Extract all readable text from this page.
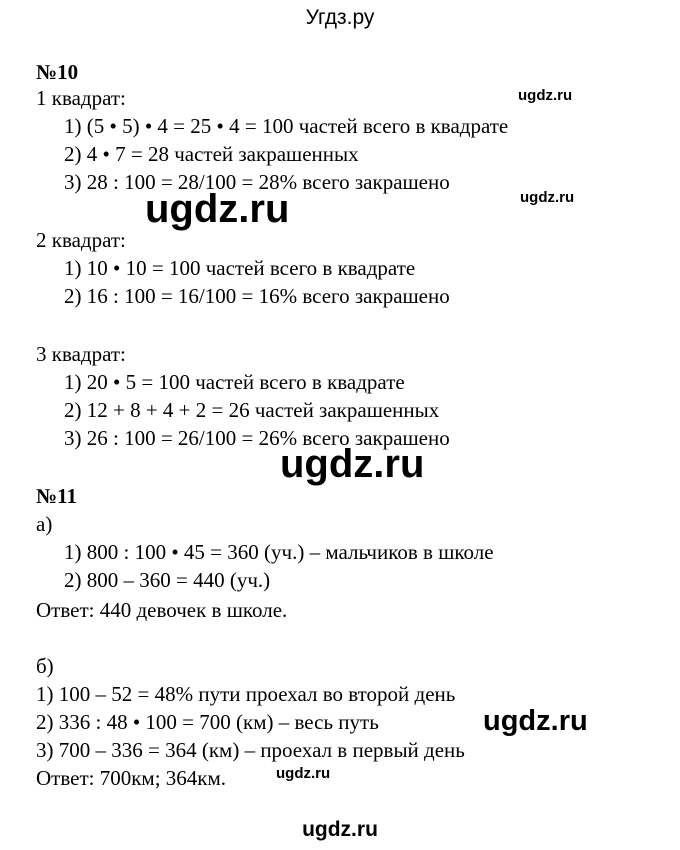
Угдз.ру
№10
1 квадрат:
1) (5 • 5) • 4 = 25 • 4 = 100 частей всего в квадрате
2) 4 • 7 = 28 частей закрашенных
3) 28 : 100 = 28/100 = 28% всего закрашено
2 квадрат:
1) 10 • 10 = 100 частей всего в квадрате
2) 16 : 100 = 16/100 = 16% всего закрашено
3 квадрат:
1) 20 • 5 = 100 частей всего в квадрате
2) 12 + 8 + 4 + 2 = 26 частей закрашенных
3) 26 : 100 = 26/100 = 26% всего закрашено
№11
а)
1) 800 : 100 • 45 = 360 (уч.) – мальчиков в школе
2) 800 – 360 = 440 (уч.)
Ответ: 440 девочек в школе.
б)
1) 100 – 52 = 48% пути проехал во второй день
2) 336 : 48 • 100 = 700 (км) – весь путь
3) 700 – 336 = 364 (км) – проехал в первый день
Ответ: 700км; 364км.
ugdz.ru
ugdz.ru
ugdz.ru
ugdz.ru
ugdz.ru
ugdz.ru
ugdz.ru
